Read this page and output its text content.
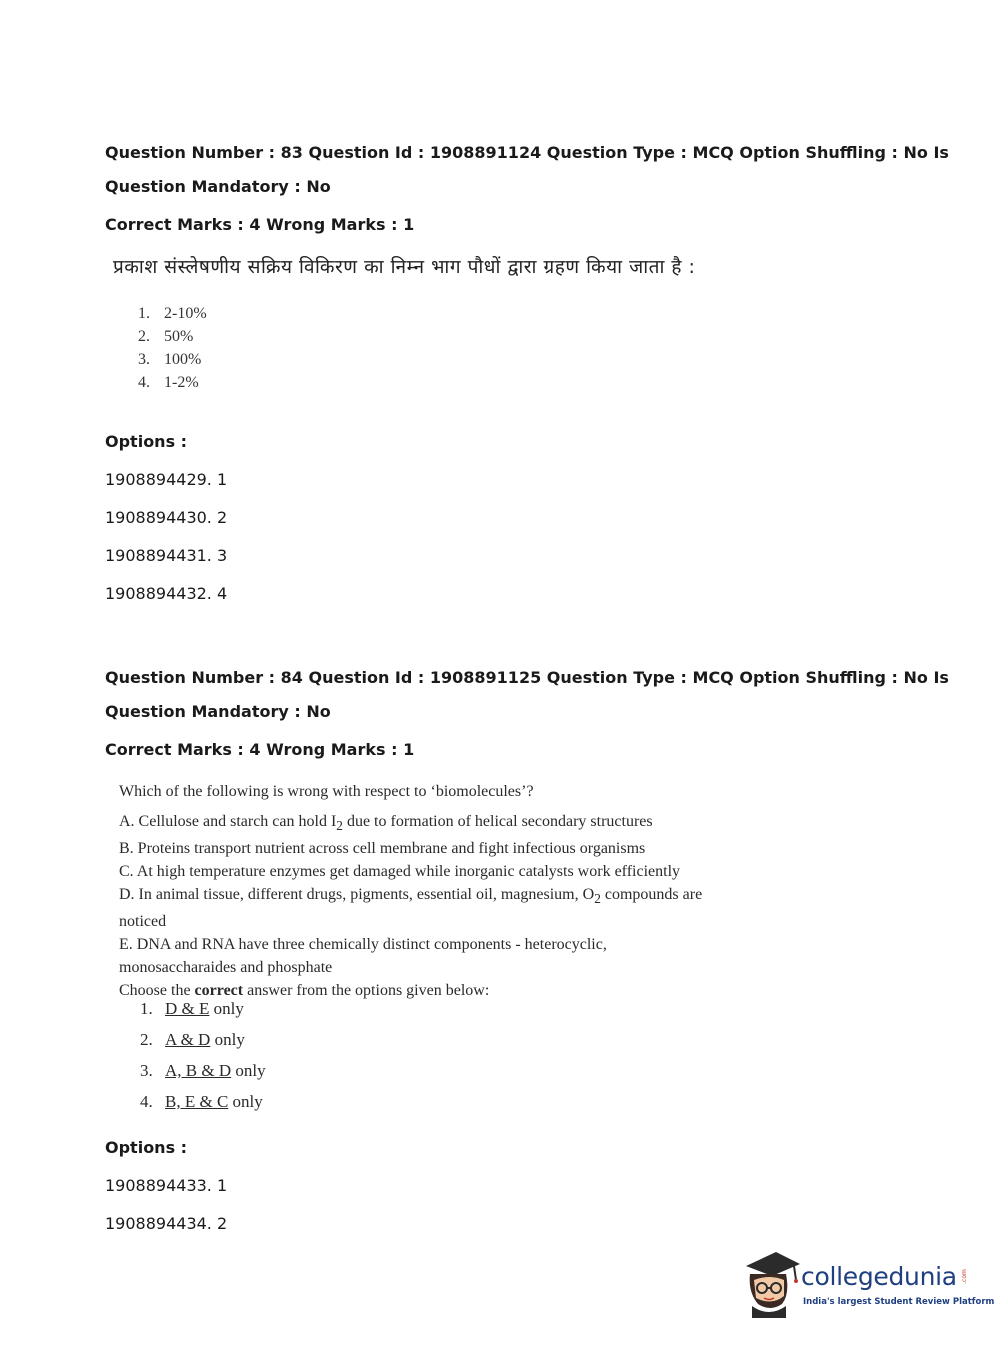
Question Number : 83 Question Id : 1908891124 Question Type : MCQ Option Shuffling : No Is
Question Mandatory : No
Correct Marks : 4 Wrong Marks : 1
प्रकाश संस्लेषणीय सक्रिय विकिरण का निम्न भाग पौधों द्वारा ग्रहण किया जाता है :
1. 2-10%
2. 50%
3. 100%
4. 1-2%
Options :
1908894429. 1
1908894430. 2
1908894431. 3
1908894432. 4
Question Number : 84 Question Id : 1908891125 Question Type : MCQ Option Shuffling : No Is
Question Mandatory : No
Correct Marks : 4 Wrong Marks : 1

Which of the following is wrong with respect to ‘biomolecules’?

A. Cellulose and starch can hold $I_2$ due to formation of helical secondary structures

B. Proteins transport nutrient across cell membrane and fight infectious organisms

C. At high temperature enzymes get damaged while inorganic catalysts work efficiently

D. In animal tissue, different drugs, pigments, essential oil, magnesium, $O_2$ compounds are noticed

E. DNA and RNA have three chemically distinct components - heterocyclic, monosaccharaides and phosphate

Choose the correct answer from the options given below:

1. D & E only
2. A & D only
3. A, B & D only
4. B, E & C only
Options :
1908894433. 1
1908894434. 2
collegedunia .com
India's largest Student Review Platform
